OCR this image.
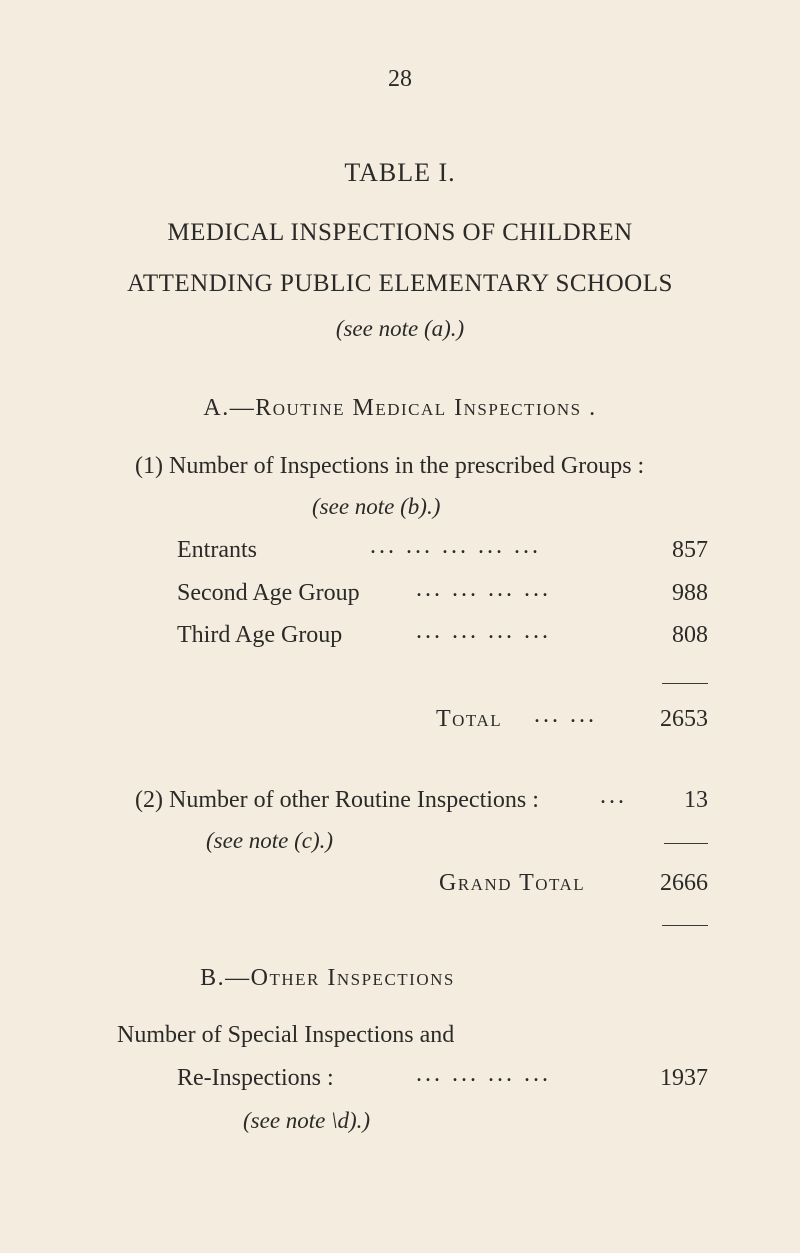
28
TABLE I.
MEDICAL INSPECTIONS OF CHILDREN
ATTENDING PUBLIC ELEMENTARY SCHOOLS
(see note (a).)
A.—Routine Medical Inspections .
(1) Number of Inspections in the prescribed Groups :
(see note (b).)
Entrants	... ... ... ... ...	857
Second Age Group ... ... ... ...	988
Third Age Group	... ... ... ...	808
Total ... ...	2653
(2) Number of other Routine Inspections :	...	13
(see note (c).)
Grand Total	2666
B.—Other Inspections
Number of Special Inspections and
Re-Inspections :	... ... ... ...	1937
(see note \d).)
